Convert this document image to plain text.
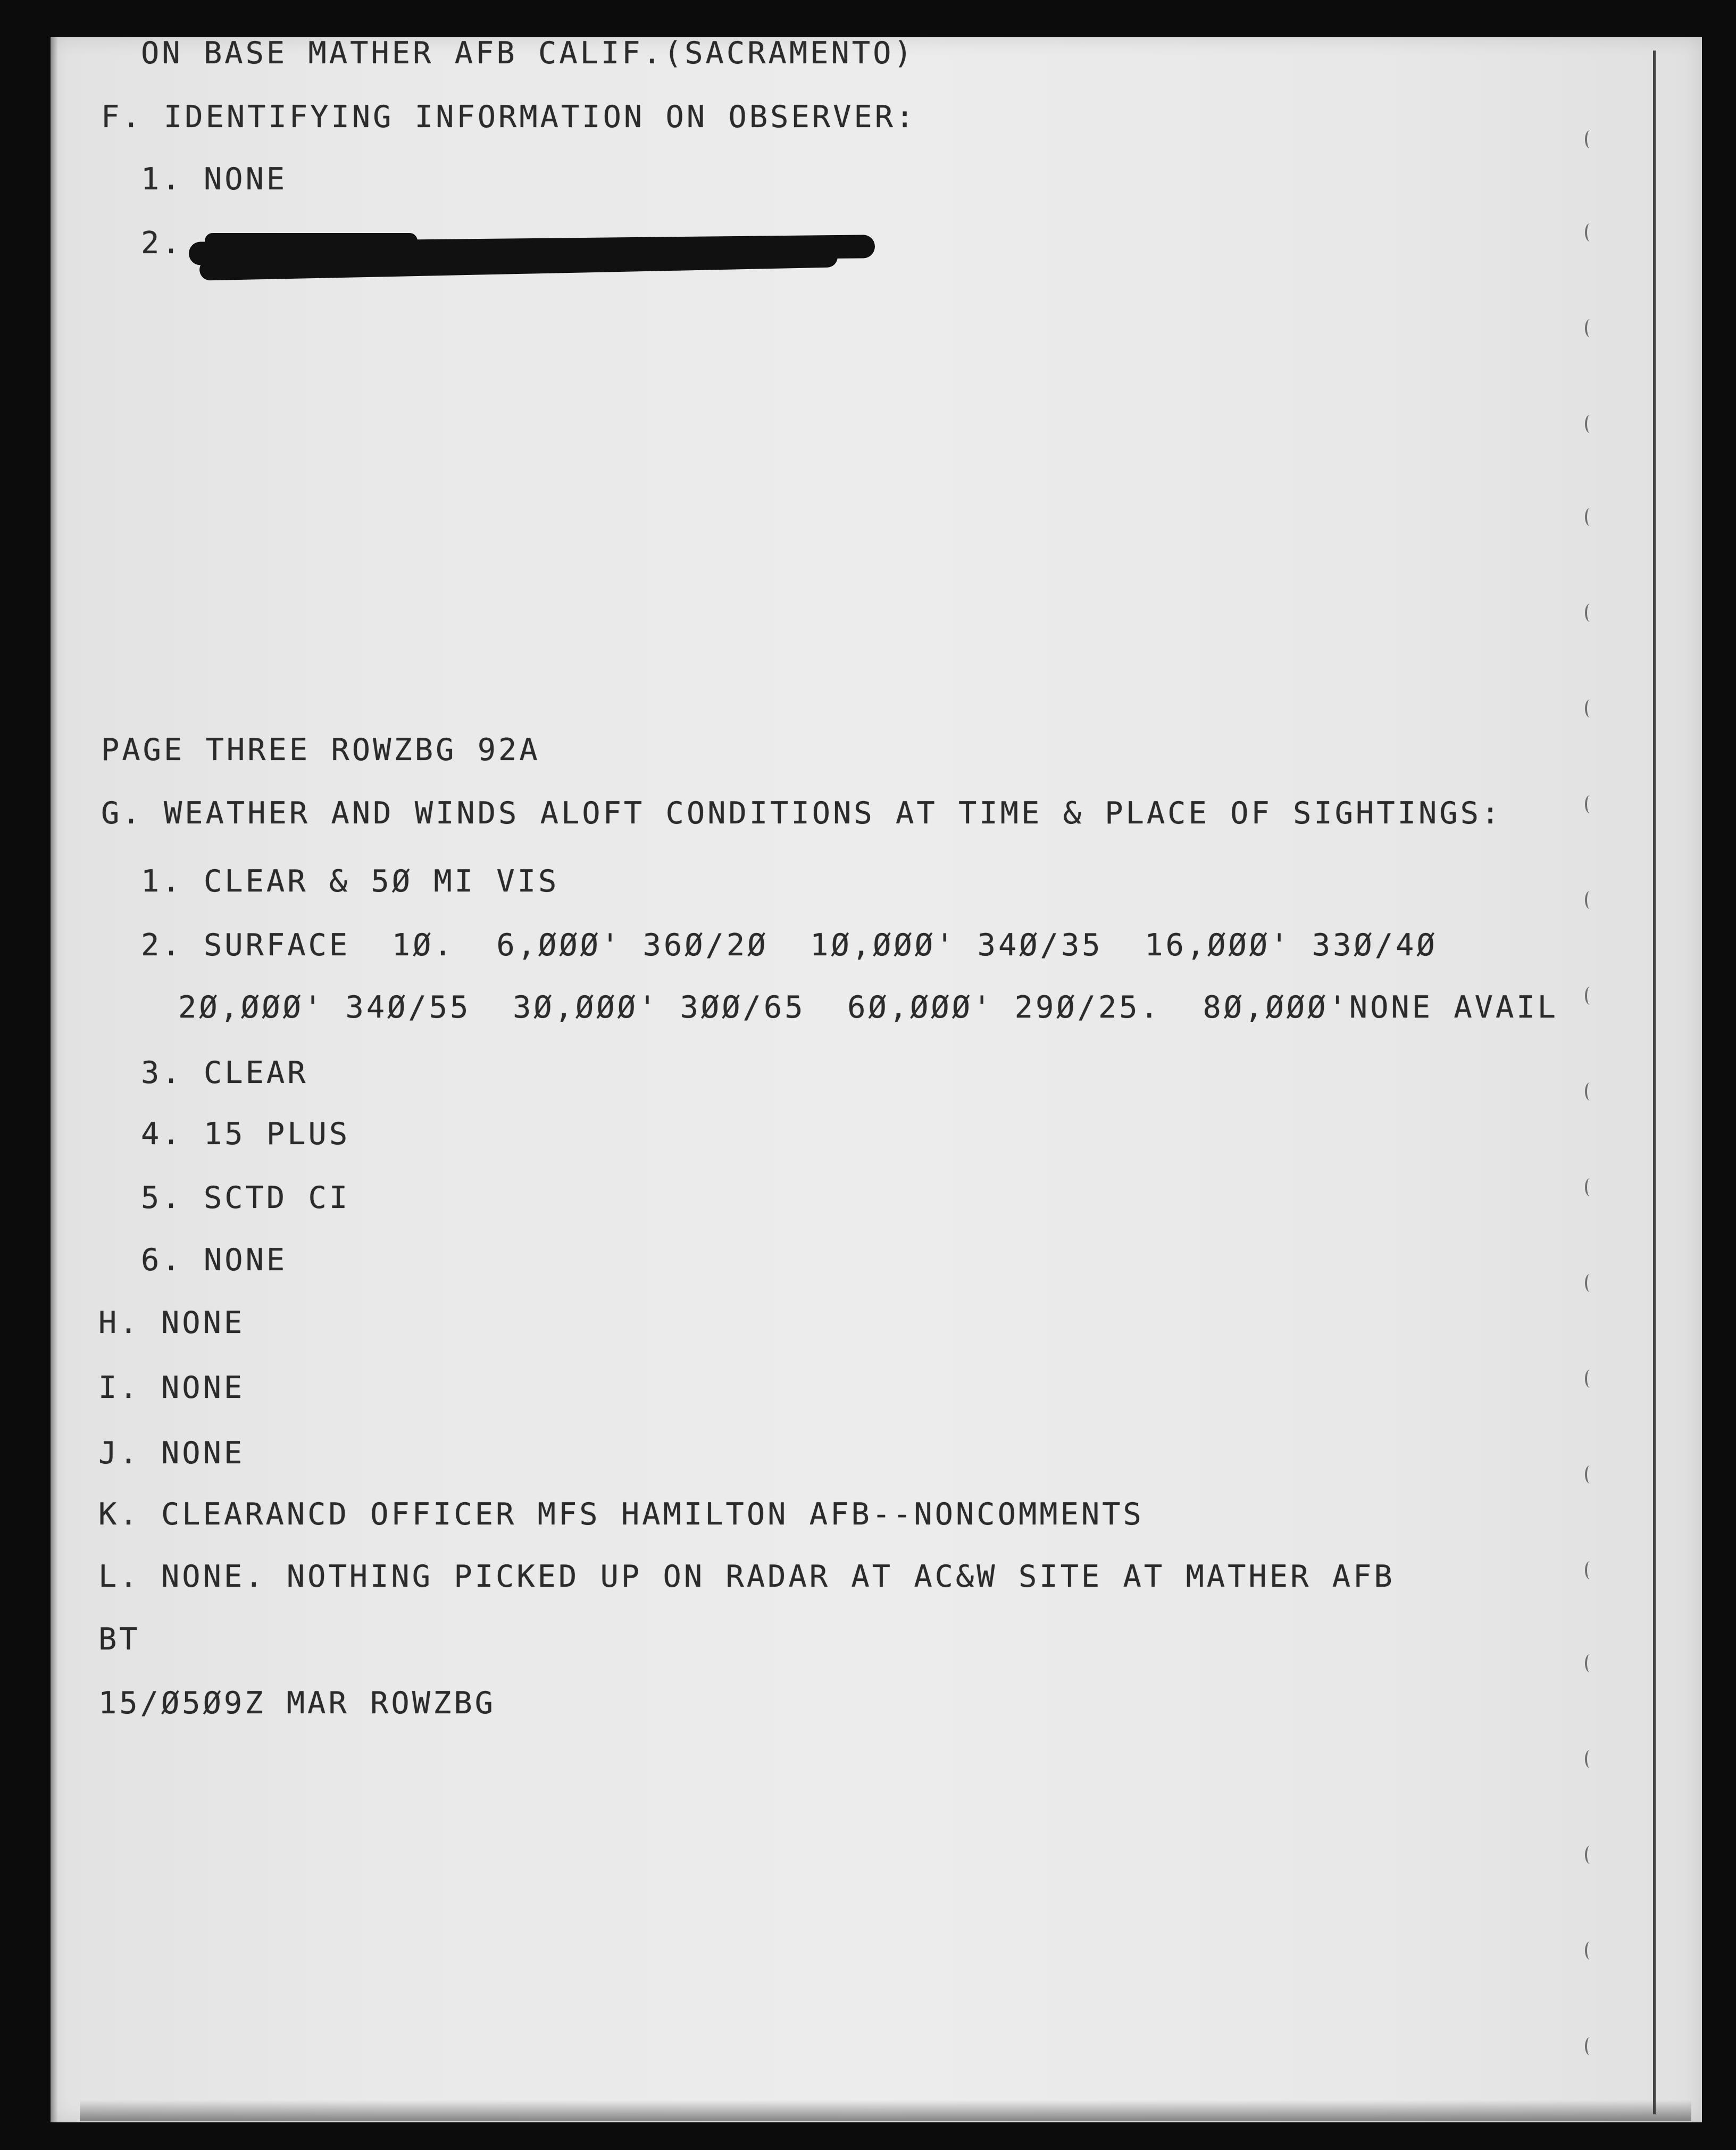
ON BASE MATHER AFB CALIF.(SACRAMENTO)
F. IDENTIFYING INFORMATION ON OBSERVER:
1. NONE
2.
PAGE THREE ROWZBG 92A
G. WEATHER AND WINDS ALOFT CONDITIONS AT TIME & PLACE OF SIGHTINGS:
1. CLEAR & 5Ø MI VIS
2. SURFACE  1Ø.  6,ØØØ' 36Ø/2Ø  1Ø,ØØØ' 34Ø/35  16,ØØØ' 33Ø/4Ø
2Ø,ØØØ' 34Ø/55  3Ø,ØØØ' 3ØØ/65  6Ø,ØØØ' 29Ø/25.  8Ø,ØØØ'NONE AVAIL
3. CLEAR
4. 15 PLUS
5. SCTD CI
6. NONE
H. NONE
I. NONE
J. NONE
K. CLEARANCD OFFICER MFS HAMILTON AFB--NONCOMMENTS
L. NONE. NOTHING PICKED UP ON RADAR AT AC&W SITE AT MATHER AFB
BT
15/Ø5Ø9Z MAR ROWZBG
